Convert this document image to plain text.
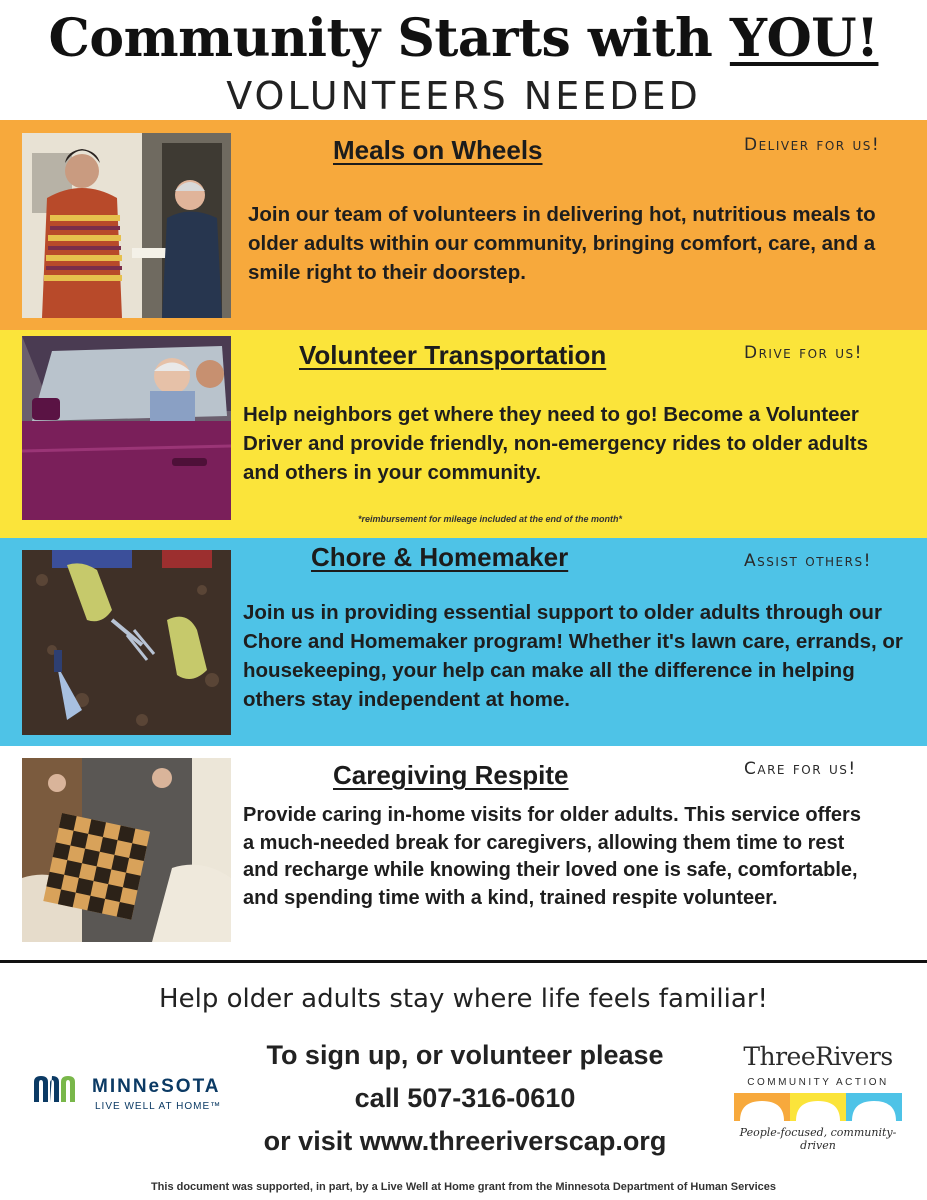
Community Starts with YOU!
VOLUNTEERS NEEDED
Meals on Wheels	Deliver for us!
Join our team of volunteers in delivering hot, nutritious meals to older adults within our community, bringing comfort, care, and a smile right to their doorstep.
Volunteer Transportation	Drive for us!
Help neighbors get where they need to go! Become a Volunteer Driver and provide friendly, non-emergency rides to older adults and others in your community.
*reimbursement for mileage included at the end of the month*
Chore & Homemaker	Assist others!
Join us in providing essential support to older adults through our Chore and Homemaker program! Whether it's lawn care, errands, or housekeeping, your help can make all the difference in helping others stay independent at home.
Caregiving Respite	Care for us!
Provide caring in-home visits for older adults. This service offers a much-needed break for caregivers, allowing them time to rest and recharge while knowing their loved one is safe, comfortable, and spending time with a kind, trained respite volunteer.
Help older adults stay where life feels familiar!
To sign up, or volunteer please
call 507-316-0610
or visit www.threeriverscap.org
MINNeSOTA
LIVE WELL AT HOME™
ThreeRivers
COMMUNITY ACTION
People-focused, community-driven
This document was supported, in part, by a Live Well at Home grant from the Minnesota Department of Human Services
